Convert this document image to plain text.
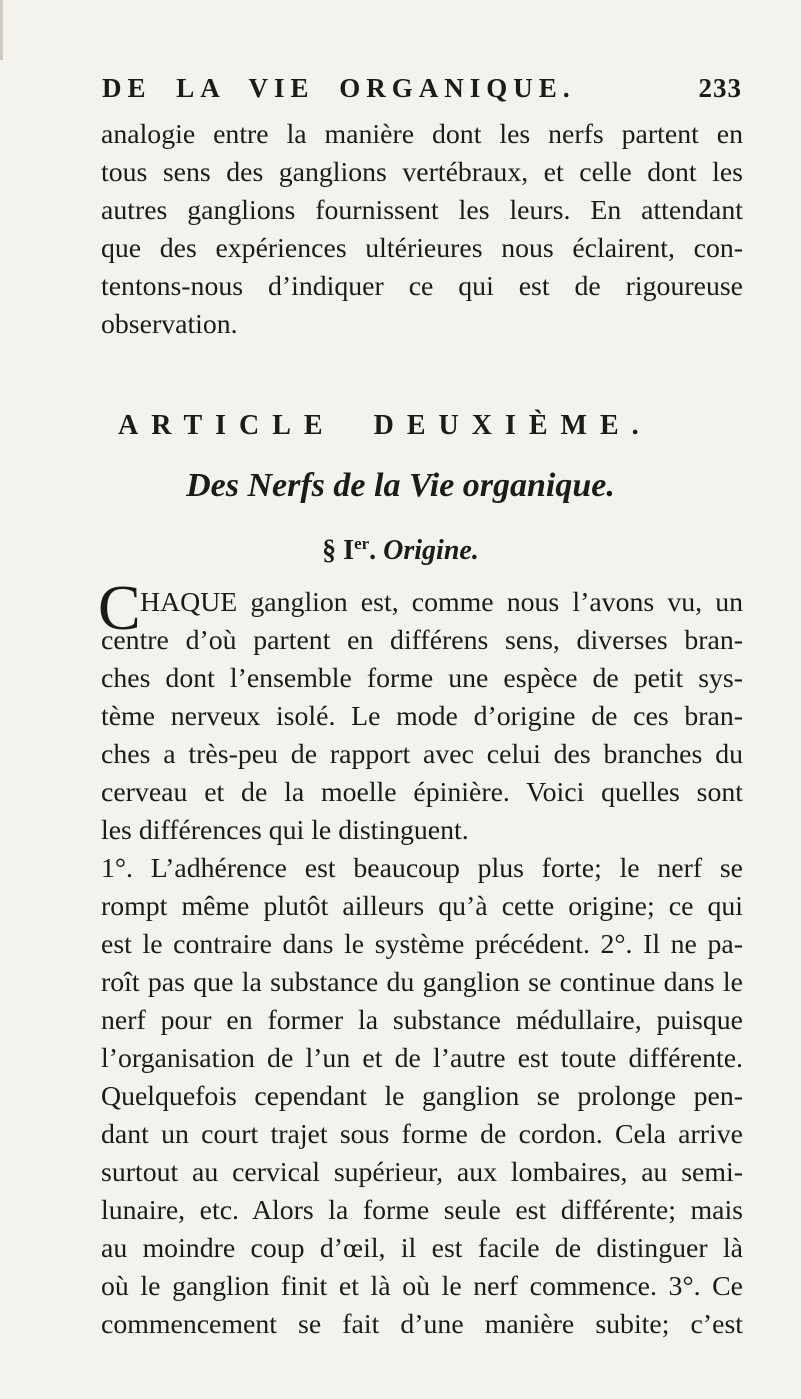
DE LA VIE ORGANIQUE.	233
analogie entre la manière dont les nerfs partent en
tous sens des ganglions vertébraux, et celle dont les
autres ganglions fournissent les leurs. En attendant
que des expériences ultérieures nous éclairent, con-
tentons-nous d’indiquer ce qui est de rigoureuse
observation.
ARTICLE DEUXIÈME.
Des Nerfs de la Vie organique.
§ Ier. Origine.
C HAQUE ganglion est, comme nous l’avons vu, un
centre d’où partent en différens sens, diverses bran-
ches dont l’ensemble forme une espèce de petit sys-
tème nerveux isolé. Le mode d’origine de ces bran-
ches a très-peu de rapport avec celui des branches du
cerveau et de la moelle épinière. Voici quelles sont
les différences qui le distinguent.
1°. L’adhérence est beaucoup plus forte; le nerf se
rompt même plutôt ailleurs qu’à cette origine; ce qui
est le contraire dans le système précédent. 2°. Il ne pa-
roît pas que la substance du ganglion se continue dans le
nerf pour en former la substance médullaire, puisque
l’organisation de l’un et de l’autre est toute différente.
Quelquefois cependant le ganglion se prolonge pen-
dant un court trajet sous forme de cordon. Cela arrive
surtout au cervical supérieur, aux lombaires, au semi-
lunaire, etc. Alors la forme seule est différente; mais
au moindre coup d’œil, il est facile de distinguer là
où le ganglion finit et là où le nerf commence. 3°. Ce
commencement se fait d’une manière subite; c’est
